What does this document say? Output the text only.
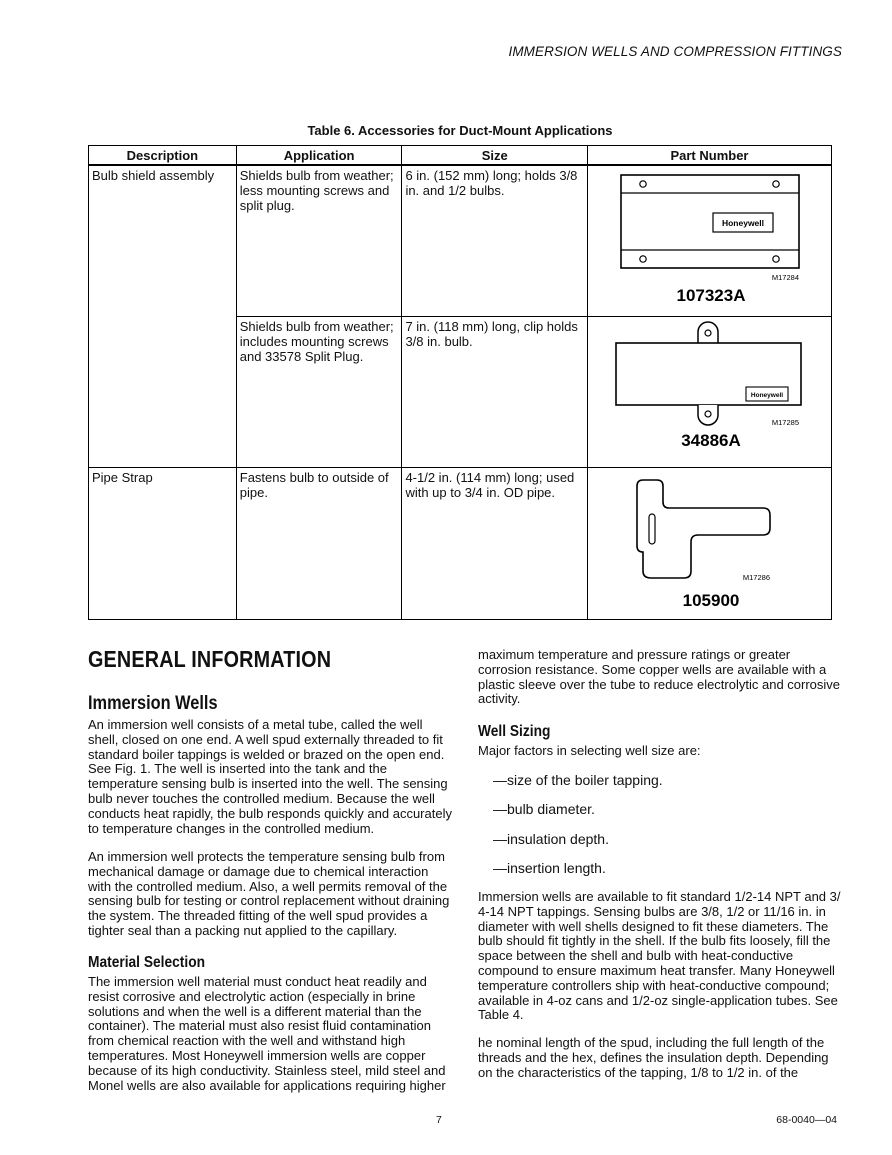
IMMERSION WELLS AND COMPRESSION FITTINGS
Table 6. Accessories for Duct-Mount Applications
Description	Application	Size	Part Number
Bulb shield assembly	Shields bulb from weather; less mounting screws and split plug.	6 in. (152 mm) long; holds 3/8 in. and 1/2 bulbs.	Honeywell
M17284
107323A

	Shields bulb from weather; includes mounting screws and 33578 Split Plug.	7 in. (118 mm) long, clip holds 3/8 in. bulb.	Honeywell
M17285
34886A

Pipe Strap	Fastens bulb to outside of pipe.	4-1/2 in. (114 mm) long; used with up to 3/4 in. OD pipe.	M17286
105900
GENERAL INFORMATION
Immersion Wells
An immersion well consists of a metal tube, called the well shell, closed on one end. A well spud externally threaded to fit standard boiler tappings is welded or brazed on the open end. See Fig. 1. The well is inserted into the tank and the temperature sensing bulb is inserted into the well. The sensing bulb never touches the controlled medium. Because the well conducts heat rapidly, the bulb responds quickly and accurately to temperature changes in the controlled medium.
An immersion well protects the temperature sensing bulb from mechanical damage or damage due to chemical interaction with the controlled medium. Also, a well permits removal of the sensing bulb for testing or control replacement without draining the system. The threaded fitting of the well spud provides a tighter seal than a packing nut applied to the capillary.
Material Selection
The immersion well material must conduct heat readily and resist corrosive and electrolytic action (especially in brine solutions and when the well is a different material than the container). The material must also resist fluid contamination from chemical reaction with the well and withstand high temperatures. Most Honeywell immersion wells are copper because of its high conductivity. Stainless steel, mild steel and Monel wells are also available for applications requiring higher
maximum temperature and pressure ratings or greater corrosion resistance. Some copper wells are available with a plastic sleeve over the tube to reduce electrolytic and corrosive activity.
Well Sizing
Major factors in selecting well size are:
—size of the boiler tapping.
—bulb diameter.
—insulation depth.
—insertion length.
Immersion wells are available to fit standard 1/2-14 NPT and 3/ 4-14 NPT tappings. Sensing bulbs are 3/8, 1/2 or 11/16 in. in diameter with well shells designed to fit these diameters. The bulb should fit tightly in the shell. If the bulb fits loosely, fill the space between the shell and bulb with heat-conductive compound to ensure maximum heat transfer. Many Honeywell temperature controllers ship with heat-conductive compound; available in 4-oz cans and 1/2-oz single-application tubes. See Table 4.
he nominal length of the spud, including the full length of the threads and the hex, defines the insulation depth. Depending on the characteristics of the tapping, 1/8 to 1/2 in. of the
7	68-0040—04
